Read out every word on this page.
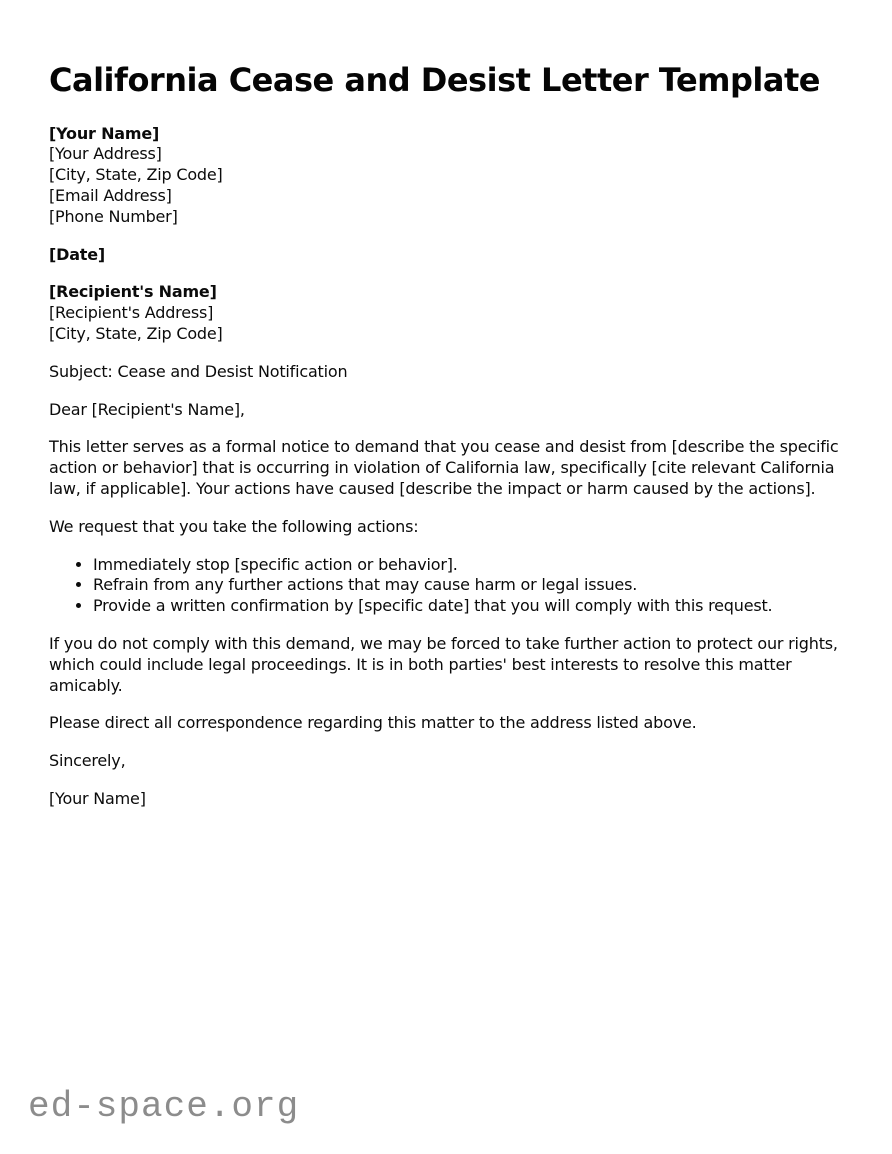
California Cease and Desist Letter Template
[Your Name]
[Your Address]
[City, State, Zip Code]
[Email Address]
[Phone Number]
[Date]
[Recipient's Name]
[Recipient's Address]
[City, State, Zip Code]

Subject: Cease and Desist Notification

Dear [Recipient's Name],

This letter serves as a formal notice to demand that you cease and desist from [describe the specific action or behavior] that is occurring in violation of California law, specifically [cite relevant California law, if applicable]. Your actions have caused [describe the impact or harm caused by the actions].

We request that you take the following actions:

• Immediately stop [specific action or behavior].
• Refrain from any further actions that may cause harm or legal issues.
• Provide a written confirmation by [specific date] that you will comply with this request.

If you do not comply with this demand, we may be forced to take further action to protect our rights, which could include legal proceedings. It is in both parties' best interests to resolve this matter amicably.

Please direct all correspondence regarding this matter to the address listed above.

Sincerely,

[Your Name]

ed-space.org
